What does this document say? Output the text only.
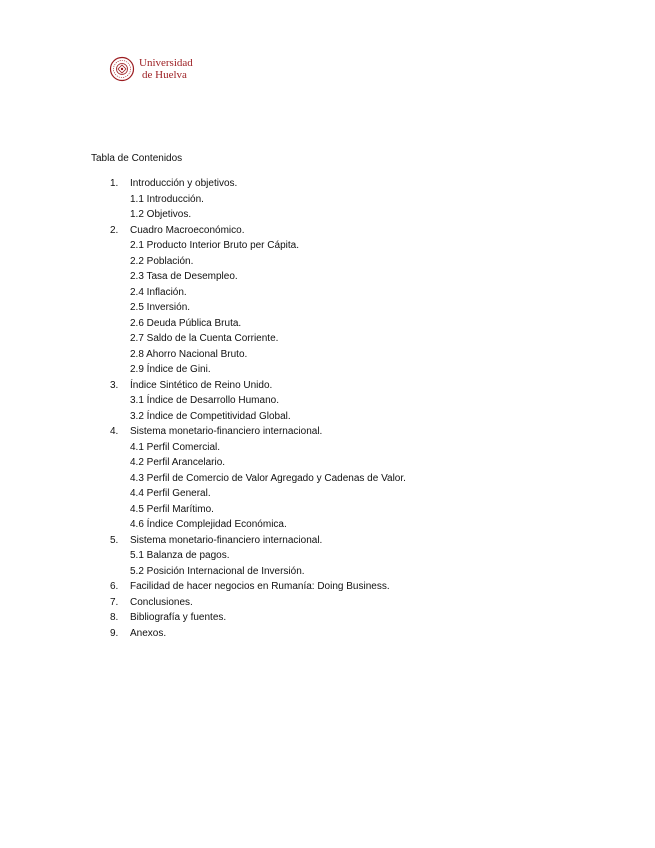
Universidad
de Huelva
Tabla de Contenidos
1.	Introducción y objetivos.
1.1 Introducción.
1.2 Objetivos.
2.	Cuadro Macroeconómico.
2.1 Producto Interior Bruto per Cápita.
2.2 Población.
2.3 Tasa de Desempleo.
2.4 Inflación.
2.5 Inversión.
2.6 Deuda Pública Bruta.
2.7 Saldo de la Cuenta Corriente.
2.8 Ahorro Nacional Bruto.
2.9 Índice de Gini.
3.	Índice Sintético de Reino Unido.
3.1 Índice de Desarrollo Humano.
3.2 Índice de Competitividad Global.
4.	Sistema monetario-financiero internacional.
4.1 Perfil Comercial.
4.2 Perfil Arancelario.
4.3 Perfil de Comercio de Valor Agregado y Cadenas de Valor.
4.4 Perfil General.
4.5 Perfil Marítimo.
4.6 Índice Complejidad Económica.
5.	Sistema monetario-financiero internacional.
5.1 Balanza de pagos.
5.2 Posición Internacional de Inversión.
6.	Facilidad de hacer negocios en Rumanía: Doing Business.
7.	Conclusiones.
8.	Bibliografía y fuentes.
9.	Anexos.
